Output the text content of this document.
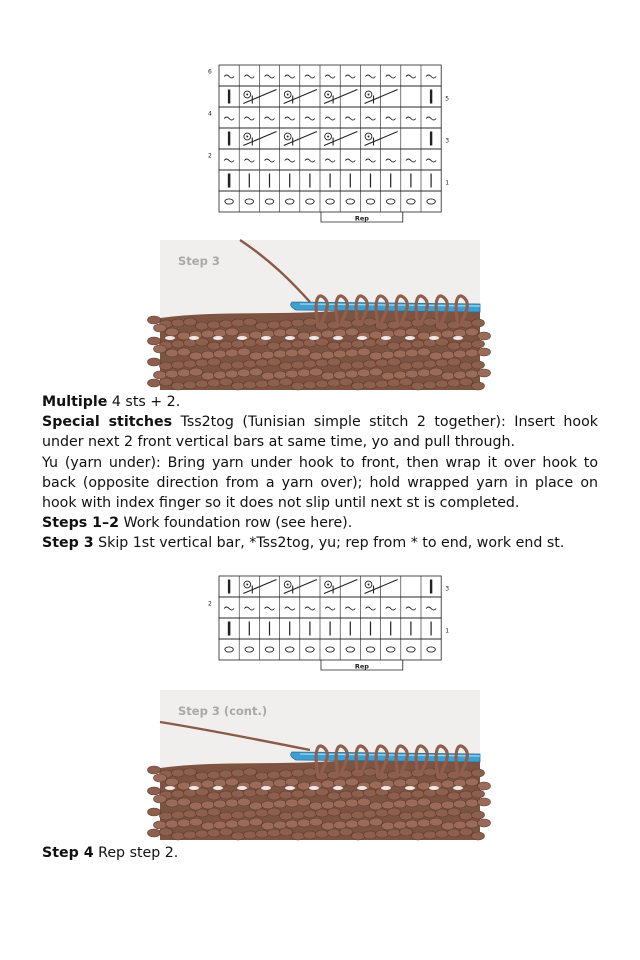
6
5
4
3
2
1
Rep
Step 3

Multiple 4 sts + 2.

Special stitches Tss2tog (Tunisian simple stitch 2 together): Insert hook under next 2 front vertical bars at same time, yo and pull through.

Yu (yarn under): Bring yarn under hook to front, then wrap it over hook to back (opposite direction from a yarn over); hold wrapped yarn in place on hook with index finger so it does not slip until next st is completed.

Steps 1–2 Work foundation row (see here).

Step 3 Skip 1st vertical bar, *Tss2tog, yu; rep from * to end, work end st.

3
2
1
Rep
Step 3 (cont.)

Step 4 Rep step 2.
